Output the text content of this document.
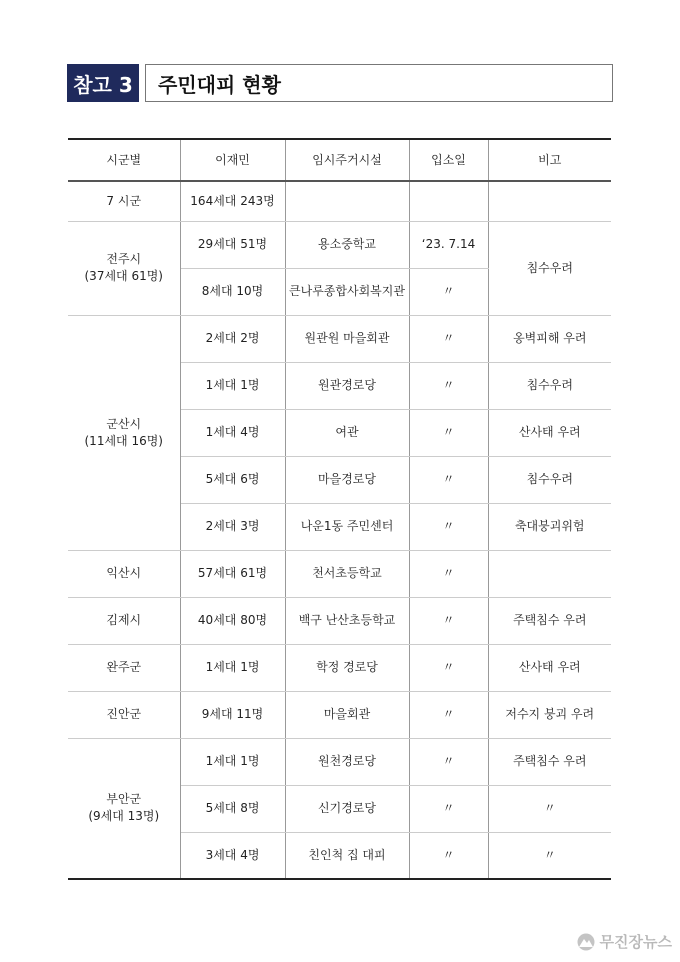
참고 3	주민대피 현황
시군별	이재민	임시주거시설	입소일	비고
7 시군	164세대 243명			
전주시
(37세대 61명)	29세대 51명	용소중학교	‘23. 7.14	침수우려
	8세대 10명	큰나루종합사회복지관	〃	
군산시
(11세대 16명)	2세대 2명	원관원 마을회관	〃	옹벽피해 우려
	1세대 1명	원관경로당	〃	침수우려
	1세대 4명	여관	〃	산사태 우려
	5세대 6명	마을경로당	〃	침수우려
	2세대 3명	나운1동 주민센터	〃	축대붕괴위험
익산시	57세대 61명	천서초등학교	〃	
김제시	40세대 80명	백구 난산초등학교	〃	주택침수 우려
완주군	1세대 1명	학정 경로당	〃	산사태 우려
진안군	9세대 11명	마을회관	〃	저수지 붕괴 우려
부안군
(9세대 13명)	1세대 1명	원천경로당	〃	주택침수 우려
	5세대 8명	신기경로당	〃	〃
	3세대 4명	친인척 집 대피	〃	〃
무진장뉴스
